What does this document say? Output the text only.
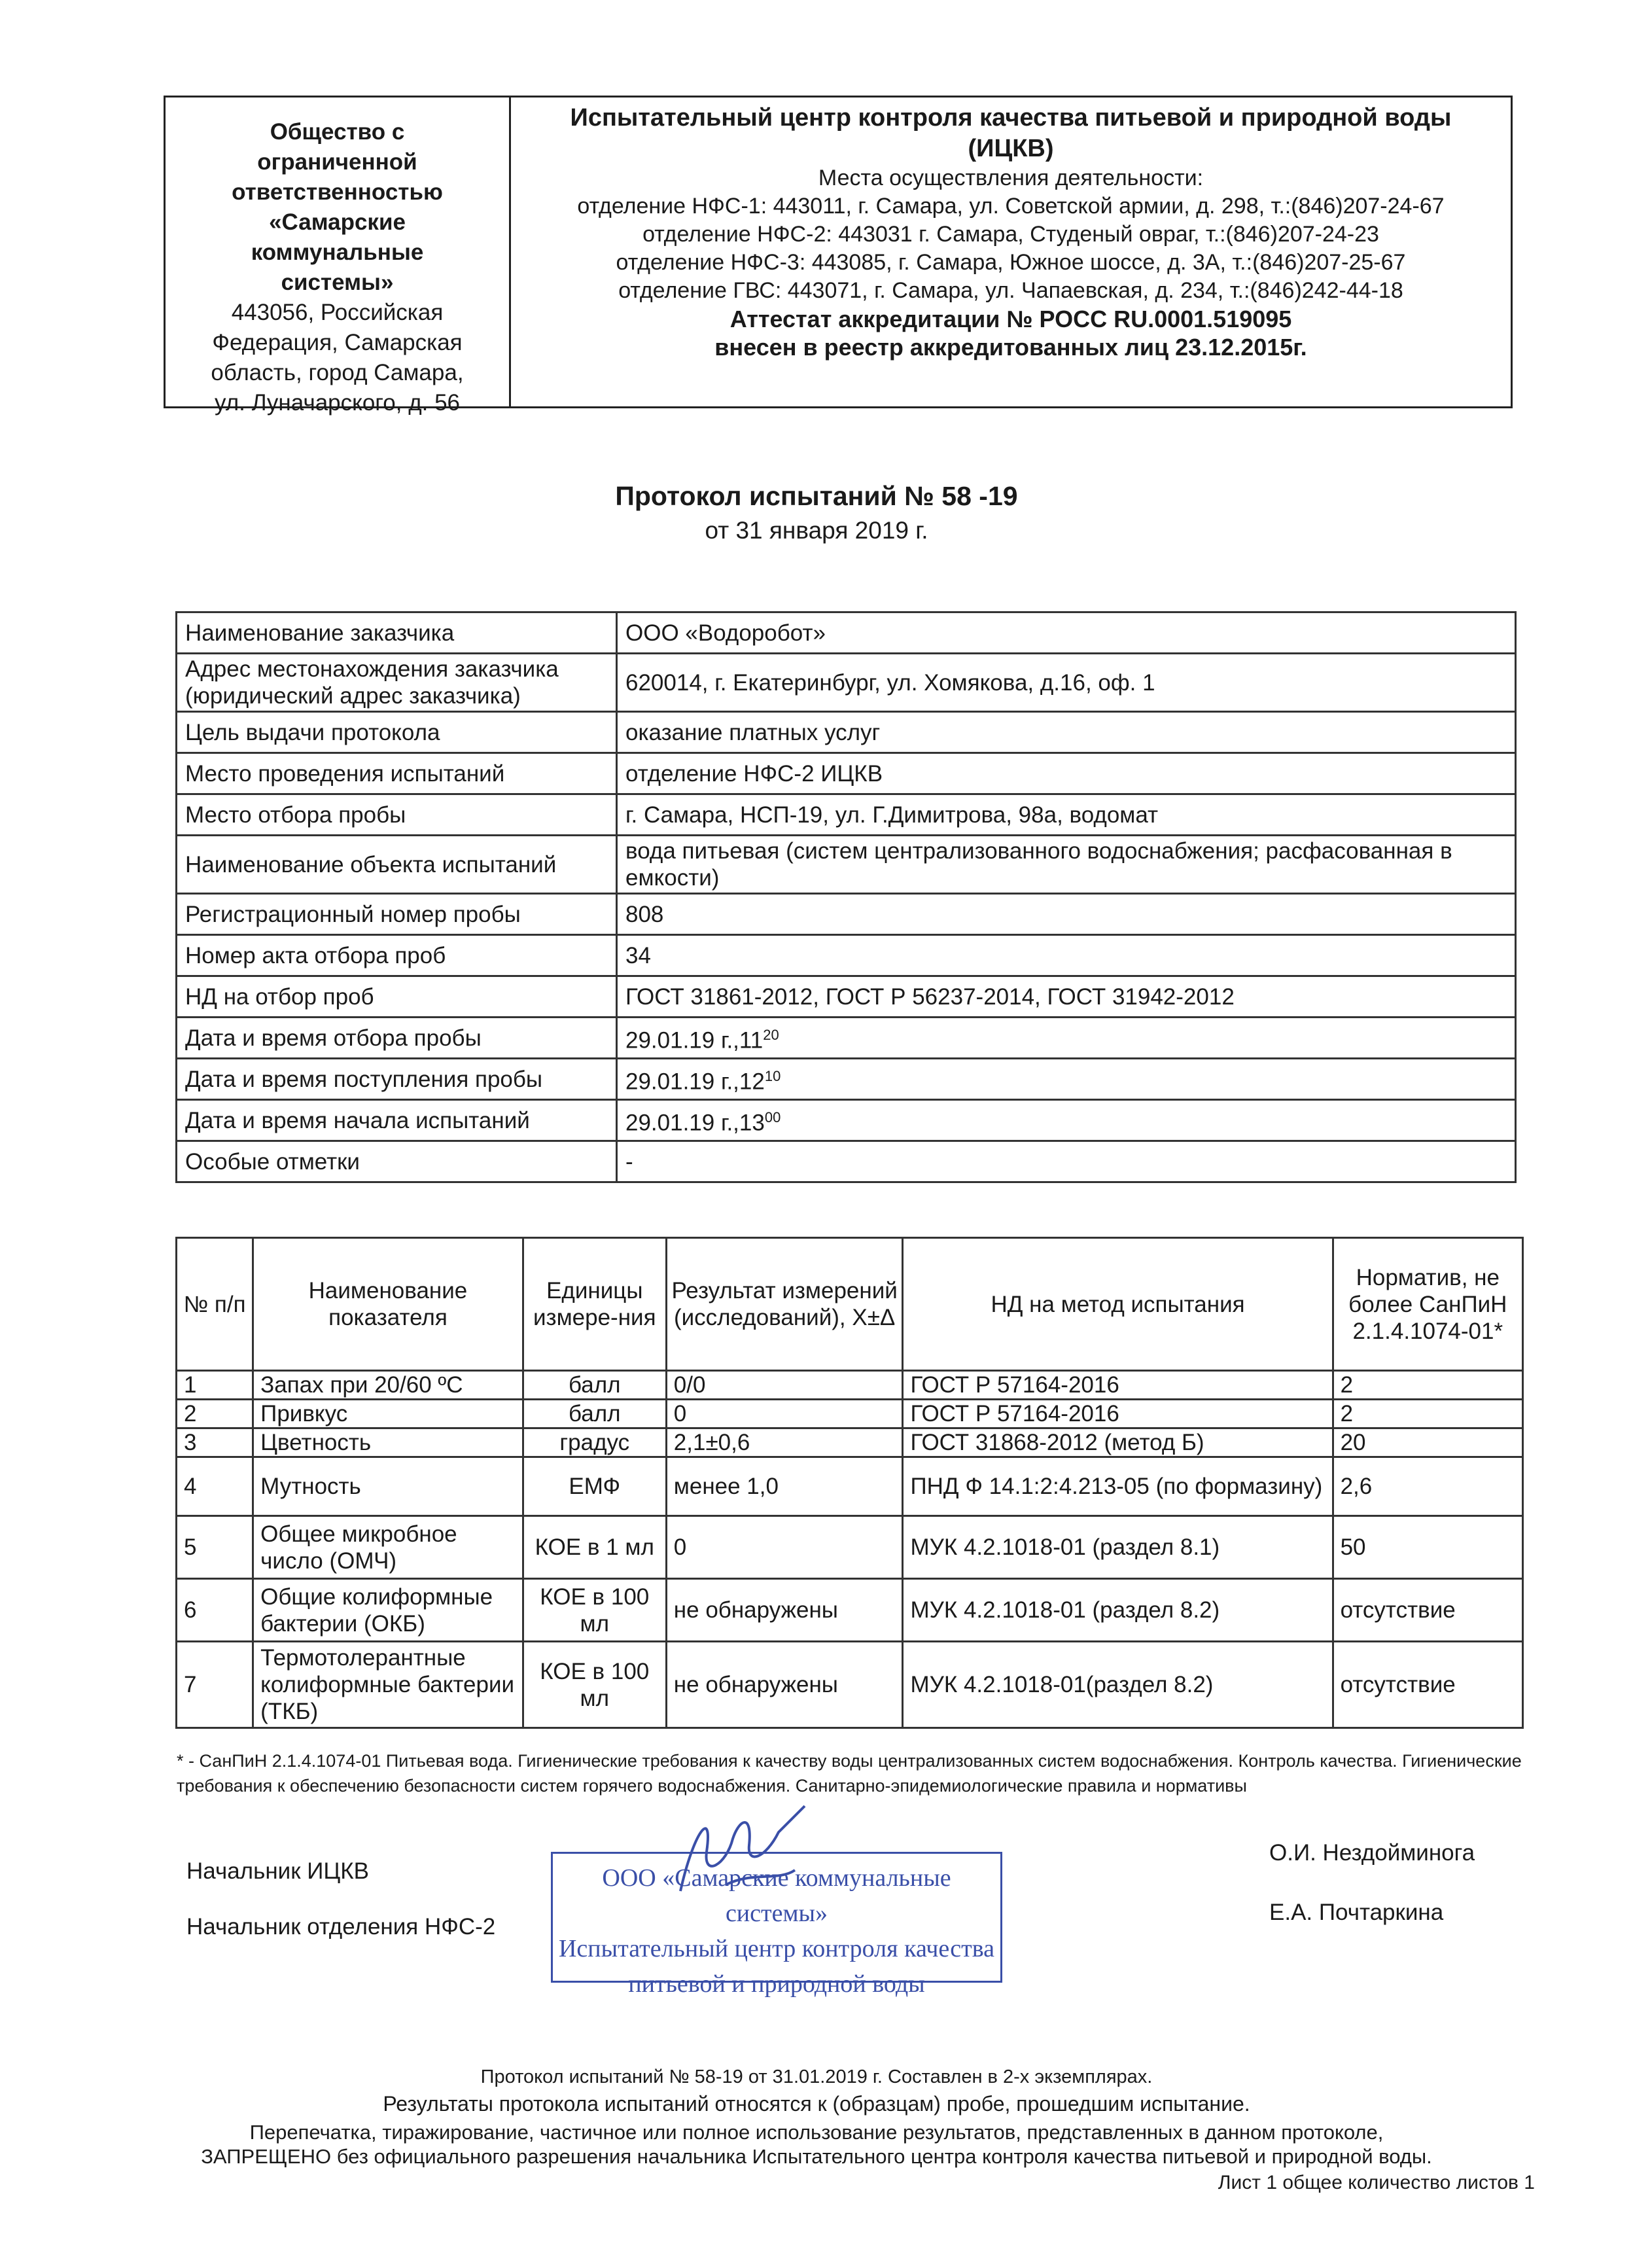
Общество с
ограниченной
ответственностью
«Самарские
коммунальные
системы»
443056, Российская
Федерация, Самарская
область, город Самара,
ул. Луначарского, д. 56
Испытательный центр контроля качества питьевой и природной воды (ИЦКВ)
Места осуществления деятельности:
отделение НФС-1: 443011, г. Самара, ул. Советской армии, д. 298, т.:(846)207-24-67
отделение НФС-2: 443031 г. Самара, Студеный овраг, т.:(846)207-24-23
отделение НФС-3: 443085, г. Самара, Южное шоссе, д. 3А, т.:(846)207-25-67
отделение ГВС: 443071, г. Самара, ул. Чапаевская, д. 234, т.:(846)242-44-18
Аттестат аккредитации № РОСС RU.0001.519095
внесен в реестр аккредитованных лиц 23.12.2015г.
Протокол испытаний № 58 -19
от 31 января 2019 г.
Наименование заказчика	ООО «Водоробот»
Адрес местонахождения заказчика (юридический адрес заказчика)	620014, г. Екатеринбург, ул. Хомякова, д.16, оф. 1
Цель выдачи протокола	оказание платных услуг
Место проведения испытаний	отделение НФС-2 ИЦКВ
Место отбора пробы	г. Самара, НСП-19, ул. Г.Димитрова, 98а, водомат
Наименование объекта испытаний	вода питьевая (систем централизованного водоснабжения; расфасованная в емкости)
Регистрационный номер пробы	808
Номер акта отбора проб	34
НД на отбор проб	ГОСТ 31861-2012, ГОСТ Р 56237-2014, ГОСТ 31942-2012
Дата и время отбора пробы	29.01.19 г.,11$^{20}$
Дата и время поступления пробы	29.01.19 г.,12$^{10}$
Дата и время начала испытаний	29.01.19 г.,13$^{00}$
Особые отметки	-
№ п/п	Наименование показателя	Единицы измере-ния	Результат измерений (исследований), Х±Δ	НД на метод испытания	Норматив, не более СанПиН 2.1.4.1074-01*
1	Запах при 20/60 ºС	балл	0/0	ГОСТ Р 57164-2016	2
2	Привкус	балл	0	ГОСТ Р 57164-2016	2
3	Цветность	градус	2,1±0,6	ГОСТ 31868-2012 (метод Б)	20
4	Мутность	ЕМФ	менее 1,0	ПНД Ф 14.1:2:4.213-05 (по формазину)	2,6
5	Общее микробное число (ОМЧ)	КОЕ в 1 мл	0	МУК 4.2.1018-01 (раздел 8.1)	50
6	Общие колиформные бактерии (ОКБ)	КОЕ в 100 мл	не обнаружены	МУК 4.2.1018-01 (раздел 8.2)	отсутствие
7	Термотолерантные колиформные бактерии (ТКБ)	КОЕ в 100 мл	не обнаружены	МУК 4.2.1018-01(раздел 8.2)	отсутствие
* - СанПиН 2.1.4.1074-01 Питьевая вода. Гигиенические требования к качеству воды централизованных систем водоснабжения. Контроль качества. Гигиенические требования к обеспечению безопасности систем горячего водоснабжения. Санитарно-эпидемиологические правила и нормативы
Начальник ИЦКВ
О.И. Нездойминога
Начальник отделения НФС-2
Е.А. Почтаркина
ООО «Самарские коммунальные системы»
Испытательный центр контроля качества
питьевой и природной воды
Протокол испытаний № 58-19 от 31.01.2019 г. Составлен в 2-х экземплярах.
Результаты протокола испытаний относятся к (образцам) пробе, прошедшим испытание.
Перепечатка, тиражирование, частичное или полное использование результатов, представленных в данном протоколе,
ЗАПРЕЩЕНО без официального разрешения начальника Испытательного центра контроля качества питьевой и природной воды.
Лист 1 общее количество листов 1
